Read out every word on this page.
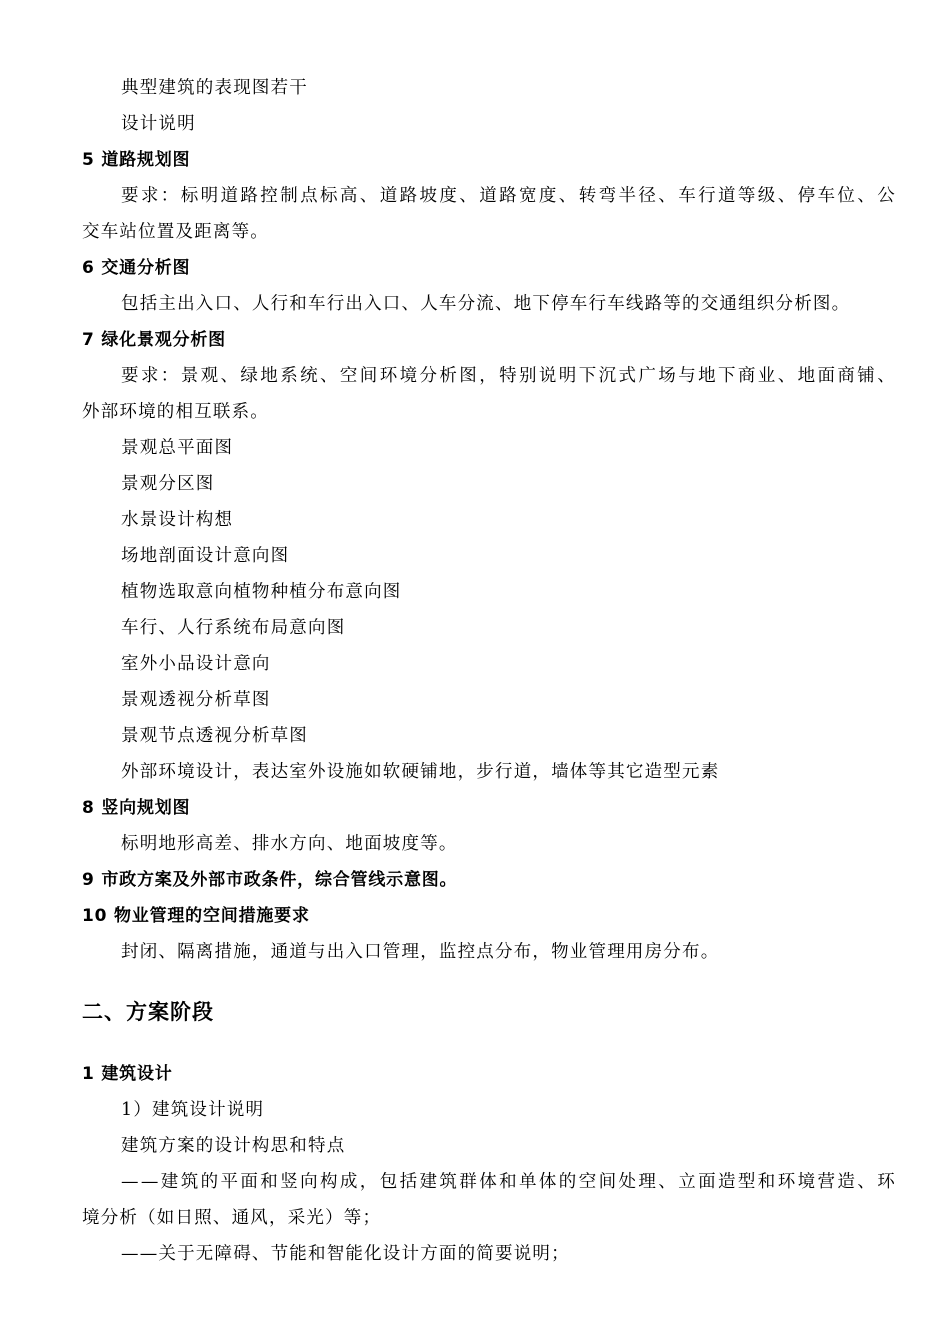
典型建筑的表现图若干
设计说明
5 道路规划图
要求：标明道路控制点标高、道路坡度、道路宽度、转弯半径、车行道等级、停车位、公
交车站位置及距离等。
6 交通分析图
包括主出入口、人行和车行出入口、人车分流、地下停车行车线路等的交通组织分析图。
7 绿化景观分析图
要求：景观、绿地系统、空间环境分析图，特别说明下沉式广场与地下商业、地面商铺、
外部环境的相互联系。
景观总平面图
景观分区图
水景设计构想
场地剖面设计意向图
植物选取意向植物种植分布意向图
车行、人行系统布局意向图
室外小品设计意向
景观透视分析草图
景观节点透视分析草图
外部环境设计，表达室外设施如软硬铺地，步行道，墙体等其它造型元素
8 竖向规划图
标明地形高差、排水方向、地面坡度等。
9 市政方案及外部市政条件，综合管线示意图。
10 物业管理的空间措施要求
封闭、隔离措施，通道与出入口管理，监控点分布，物业管理用房分布。
二、方案阶段
1 建筑设计
1）建筑设计说明
建筑方案的设计构思和特点
——建筑的平面和竖向构成，包括建筑群体和单体的空间处理、立面造型和环境营造、环
境分析（如日照、通风，采光）等；
——关于无障碍、节能和智能化设计方面的简要说明；
